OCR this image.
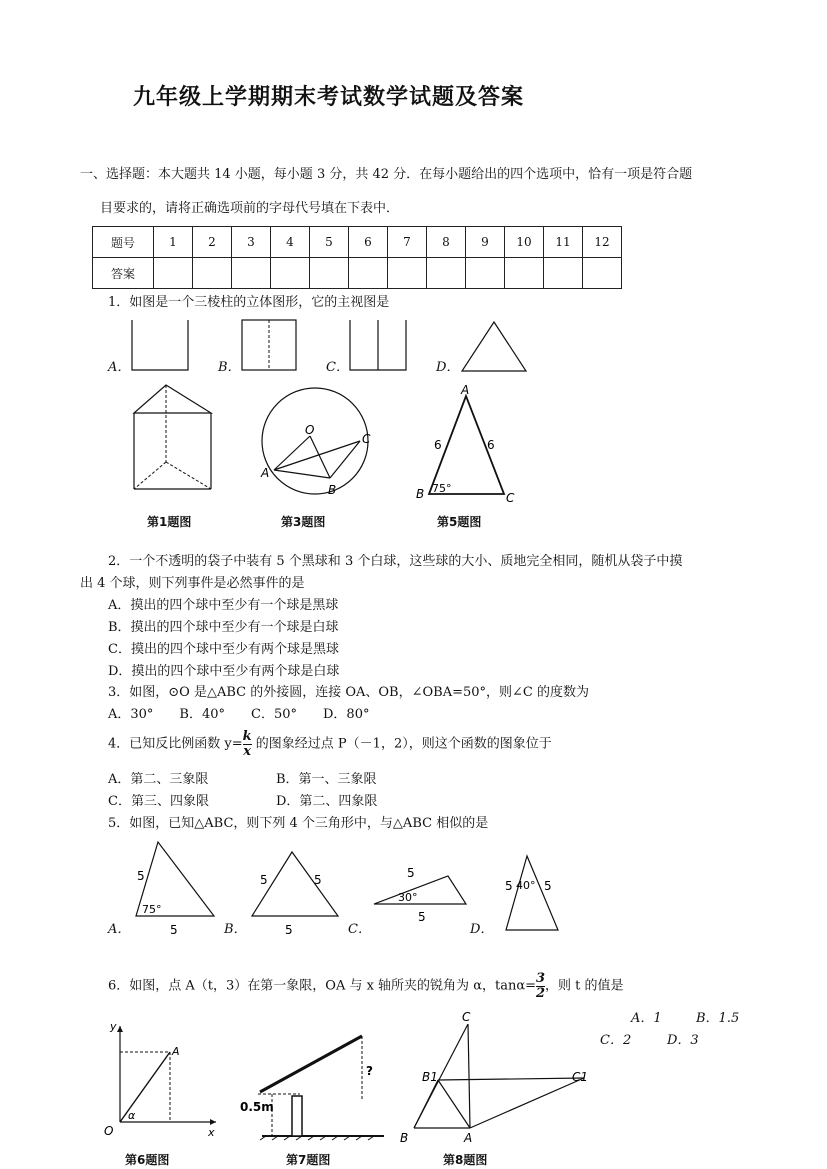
九年级上学期期末考试数学试题及答案
一、选择题：本大题共 14 小题，每小题 3 分，共 42 分．在每小题给出的四个选项中，恰有一项是符合题
目要求的，请将正确选项前的字母代号填在下表中．
题号	1	2	3	4	5	6	7	8	9	10	11	12
答案												
1．如图是一个三棱柱的立体图形，它的主视图是
A．	B．	C．	D．
第1题图
O
A
B
C
第3题图
A
B	C
6	6
75°
第5题图
2．一个不透明的袋子中装有 5 个黑球和 3 个白球，这些球的大小、质地完全相同，随机从袋子中摸
出 4 个球，则下列事件是必然事件的是
A．摸出的四个球中至少有一个球是黑球
B．摸出的四个球中至少有一个球是白球
C．摸出的四个球中至少有两个球是黑球
D．摸出的四个球中至少有两个球是白球
3．如图，⊙O 是△ABC 的外接圆，连接 OA、OB，∠OBA=50°，则∠C 的度数为
A．30°　　B．40°　　C．50°　　D．80°
4．已知反比例函数 $y= \frac{k}{x}$ 的图象经过点 P（－1，2），则这个函数的图象位于
A．第二、三象限	B．第一、三象限
C．第三、四象限	D．第二、四象限
5．如图，已知△ABC，则下列 4 个三角形中，与△ABC 相似的是
A．
5
5
75°
B．
5	5
5	C．
5
5
30°
D．
5	5
40°
6．如图，点 A（t，3）在第一象限，OA 与 x 轴所夹的锐角为 α，$\tan\alpha= \frac{3}{2}$ ，则 t 的值是
A．1	B．1.5
C．2	D．3
y
x
O
A
α
第6题图
0.5m
?
第7题图
C
B1	C1
B	A
第8题图
